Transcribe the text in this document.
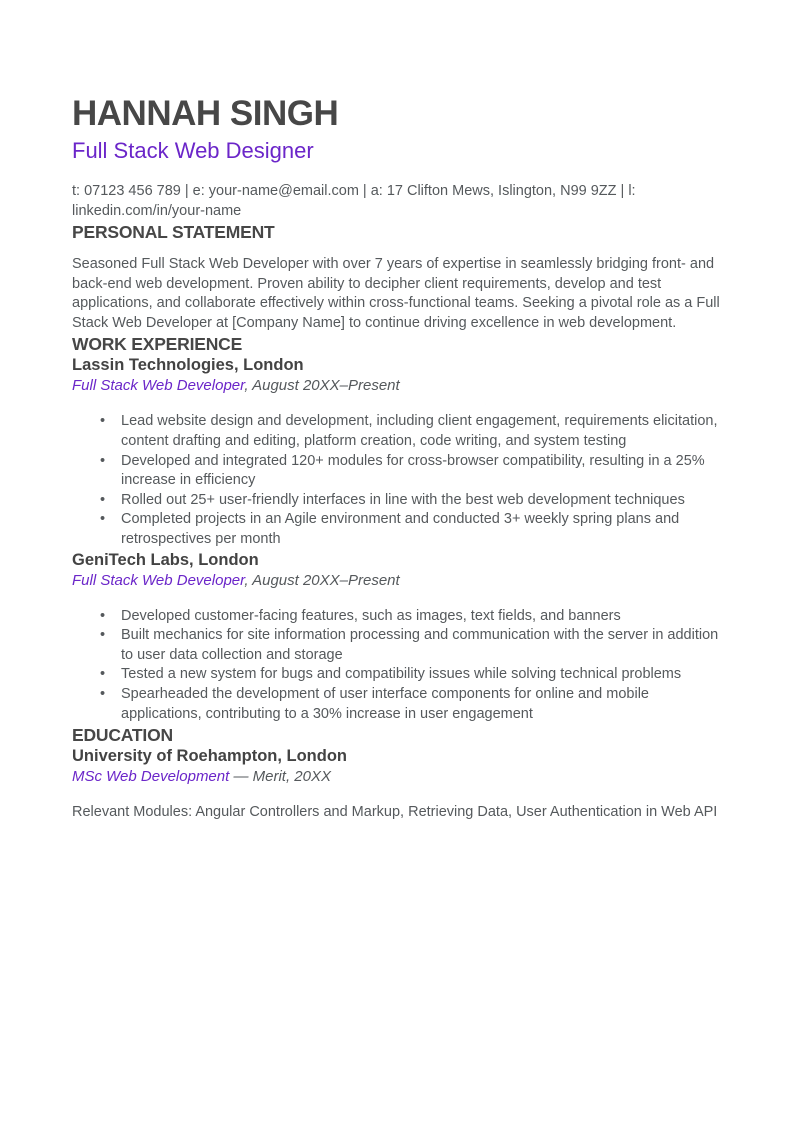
HANNAH SINGH
Full Stack Web Designer
t: 07123 456 789 | e: your-name@email.com | a: 17 Clifton Mews, Islington, N99 9ZZ | l: linkedin.com/in/your-name
PERSONAL STATEMENT

Seasoned Full Stack Web Developer with over 7 years of expertise in seamlessly bridging front- and back-end web development. Proven ability to decipher client requirements, develop and test applications, and collaborate effectively within cross-functional teams. Seeking a pivotal role as a Full Stack Web Developer at [Company Name] to continue driving excellence in web development.

WORK EXPERIENCE
Lassin Technologies, London

Full Stack Web Developer, August 20XX–Present

• Lead website design and development, including client engagement, requirements elicitation, content drafting and editing, platform creation, code writing, and system testing
• Developed and integrated 120+ modules for cross-browser compatibility, resulting in a 25% increase in efficiency
• Rolled out 25+ user-friendly interfaces in line with the best web development techniques
• Completed projects in an Agile environment and conducted 3+ weekly spring plans and retrospectives per month
GeniTech Labs, London

Full Stack Web Developer, August 20XX–Present

• Developed customer-facing features, such as images, text fields, and banners
• Built mechanics for site information processing and communication with the server in addition to user data collection and storage
• Tested a new system for bugs and compatibility issues while solving technical problems
• Spearheaded the development of user interface components for online and mobile applications, contributing to a 30% increase in user engagement
EDUCATION
University of Roehampton, London

MSc Web Development — Merit, 20XX

Relevant Modules: Angular Controllers and Markup, Retrieving Data, User Authentication in Web API
